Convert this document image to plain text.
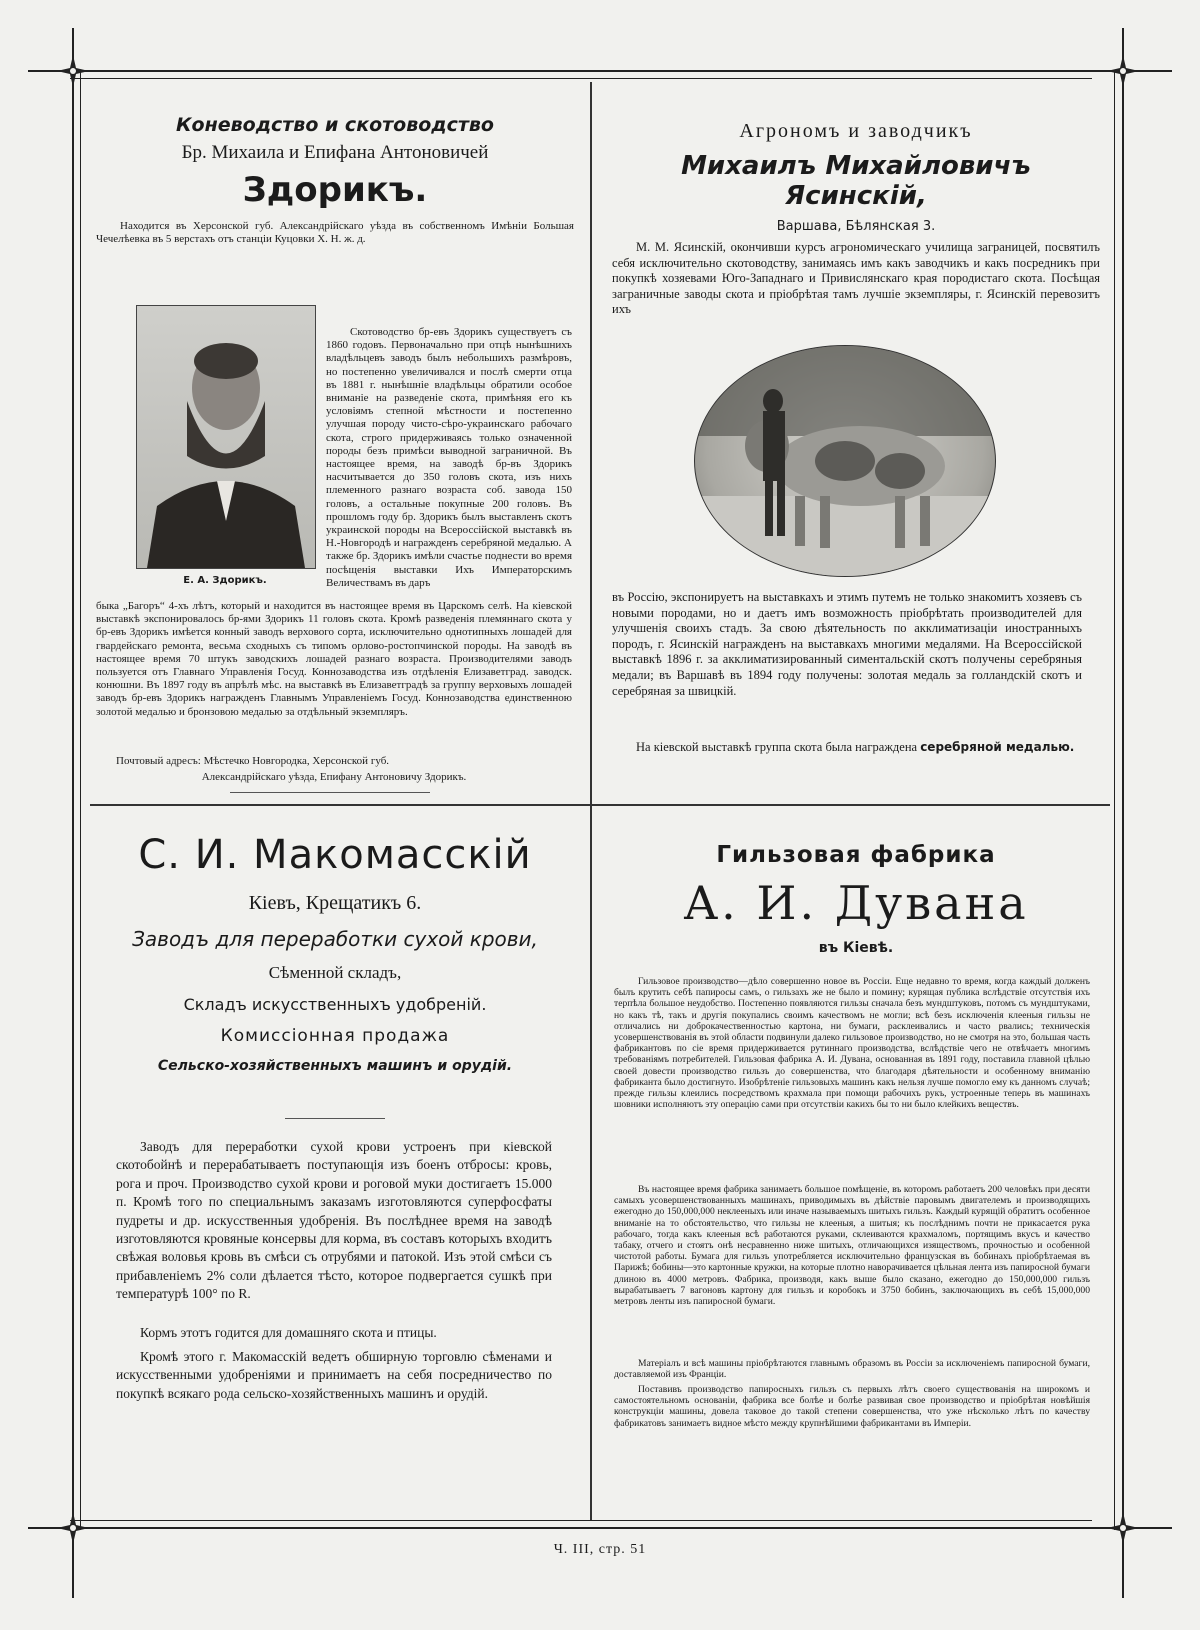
Коневодство и скотоводство
Бр. Михаила и Епифана Антоновичей
Здорикъ.

Находится въ Херсонской губ. Александрійскаго уѣзда въ собственномъ Имѣніи Большая Чечелѣевка въ 5 верстахъ отъ станціи Куцовки Х. Н. ж. д.

Е. А. Здорикъ.

Скотоводство бр-евъ Здорикъ существуетъ съ 1860 годовъ. Первоначально при отцѣ нынѣшнихъ владѣльцевъ заводъ былъ небольшихъ размѣровъ, но постепенно увеличивался и послѣ смерти отца въ 1881 г. нынѣшніе владѣльцы обратили особое вниманіе на разведеніе скота, примѣняя его къ условіямъ степной мѣстности и постепенно улучшая породу чисто-сѣро-украинскаго рабочаго скота, строго придерживаясь только означенной породы безъ примѣси выводной заграничной. Въ настоящее время, на заводѣ бр-въ Здорикъ насчитывается до 350 головъ скота, изъ нихъ племенного разнаго возраста соб. завода 150 головъ, а остальные покупные 200 головъ. Въ прошломъ году бр. Здорикъ былъ выставленъ скотъ украинской породы на Всероссійской выставкѣ въ Н.-Новгородѣ и награжденъ серебряной медалью. А также бр. Здорикъ имѣли счастье поднести во время посѣщенія выставки Ихъ Императорскимъ Величествамъ въ даръ

быка „Багоръ“ 4-хъ лѣтъ, который и находится въ настоящее время въ Царскомъ селѣ. На кіевской выставкѣ экспонировалось бр-ями Здорикъ 11 головъ скота. Кромѣ разведенія племяннаго скота у бр-евъ Здорикъ имѣется конный заводъ верхового сорта, исключительно однотипныхъ лошадей для гвардейскаго ремонта, весьма сходныхъ съ типомъ орлово-ростопчинской породы. На заводѣ въ настоящее время 70 штукъ заводскихъ лошадей разнаго возраста. Производителями заводъ пользуется отъ Главнаго Управленія Госуд. Коннозаводства изъ отдѣленія Елизаветград. заводск. конюшни. Въ 1897 году въ апрѣлѣ мѣс. на выставкѣ въ Елизаветградѣ за группу верховыхъ лошадей заводъ бр-евъ Здорикъ награжденъ Главнымъ Управленіемъ Госуд. Коннозаводства единственною золотой медалью и бронзовою медалью за отдѣльный экземпляръ.

Почтовый адресъ: Мѣстечко Новгородка, Херсонской губ.

Александрійскаго уѣзда, Епифану Антоновичу Здорикъ.

Агрономъ и заводчикъ
Михаилъ Михайловичъ Ясинскій,
Варшава, Бѣлянская 3.

М. М. Ясинскій, окончивши курсъ агрономическаго училища заграницей, посвятилъ себя исключительно скотоводству, занимаясь имъ какъ заводчикъ и какъ посредникъ при покупкѣ хозяевами Юго-Западнаго и Привислянскаго края породистаго скота. Посѣщая заграничные заводы скота и пріобрѣтая тамъ лучшіе экземпляры, г. Ясинскій перевозитъ ихъ

въ Россію, экспонируетъ на выставкахъ и этимъ путемъ не только знакомитъ хозяевъ съ новыми породами, но и даетъ имъ возможность пріобрѣтать производителей для улучшенія своихъ стадъ. За свою дѣятельность по акклиматизаціи иностранныхъ породъ, г. Ясинскій награжденъ на выставкахъ многими медалями. На Всероссійской выставкѣ 1896 г. за акклиматизированный симентальскій скотъ получены серебряныя медали; въ Варшавѣ въ 1894 году получены: золотая медаль за голландскій скотъ и серебряная за швицкій.

На кіевской выставкѣ группа скота была награждена серебряной медалью.

С. И. Макомасскій
Кіевъ, Крещатикъ 6.
Заводъ для переработки сухой крови,
Сѣменной складъ,
Складъ искусственныхъ удобреній.
Комиссіонная продажа
Сельско-хозяйственныхъ машинъ и орудій.

Заводъ для переработки сухой крови устроенъ при кіевской скотобойнѣ и перерабатываетъ поступающія изъ боенъ отбросы: кровь, рога и проч. Производство сухой крови и роговой муки достигаетъ 15.000 п. Кромѣ того по специальнымъ заказамъ изготовляются суперфосфаты пудреты и др. искусственныя удобренія. Въ послѣднее время на заводѣ изготовляются кровяные консервы для корма, въ составъ которыхъ входитъ свѣжая воловья кровь въ смѣси съ отрубями и патокой. Изъ этой смѣси съ прибавленіемъ 2% соли дѣлается тѣсто, которое подвергается сушкѣ при температурѣ 100° по R.

Кормъ этотъ годится для домашняго скота и птицы.

Кромѣ этого г. Макомасскій ведетъ обширную торговлю сѣменами и искусственными удобреніями и принимаетъ на себя посредничество по покупкѣ всякаго рода сельско-хозяйственныхъ машинъ и орудій.

Гильзовая фабрика
А. И. Дувана
въ Кіевѣ.

Гильзовое производство—дѣло совершенно новое въ Россіи. Еще недавно то время, когда каждый долженъ былъ крутить себѣ папиросы самъ, о гильзахъ же не было и помину; курящая публика вслѣдствіе отсутствія ихъ терпѣла большое неудобство. Постепенно появляются гильзы сначала безъ мундштуковъ, потомъ съ мундштуками, но какъ тѣ, такъ и другія покупались своимъ качествомъ не могли; всѣ безъ исключенія клееныя гильзы не отличались ни доброкачественностью картона, ни бумаги, расклеивались и часто рвались; техническія усовершенствованія въ этой области подвинули далеко гильзовое производство, но не смотря на это, большая часть фабрикантовъ по сіе время придерживается рутиннаго производства, вслѣдствіе чего не отвѣчаетъ многимъ требованіямъ потребителей. Гильзовая фабрика А. И. Дувана, основанная въ 1891 году, поставила главной цѣлью своей довести производство гильзъ до совершенства, что благодаря дѣятельности и особенному вниманію фабриканта было достигнуто. Изобрѣтеніе гильзовыхъ машинъ какъ нельзя лучше помогло ему къ данномъ случаѣ; прежде гильзы клеились посредствомъ крахмала при помощи рабочихъ рукъ, устроенные теперь въ машинахъ шовники исполняютъ эту операцію сами при отсутствіи какихъ бы то ни было клейкихъ веществъ.

Въ настоящее время фабрика занимаетъ большое помѣщеніе, въ которомъ работаетъ 200 человѣкъ при десяти самыхъ усовершенствованныхъ машинахъ, приводимыхъ въ дѣйствіе паровымъ двигателемъ и производящихъ ежегодно до 150,000,000 неклееныхъ или иначе называемыхъ шитыхъ гильзъ. Каждый курящій обратитъ особенное вниманіе на то обстоятельство, что гильзы не клееныя, а шитыя; къ послѣднимъ почти не прикасается рука рабочаго, тогда какъ клееныя всѣ работаются руками, склеиваются крахмаломъ, портящимъ вкусъ и качество табаку, отчего и стоятъ онѣ несравненно ниже шитыхъ, отличающихся изяществомъ, прочностью и особенной чистотой работы. Бумага для гильзъ употребляется исключительно французская въ бобинахъ пріобрѣтаемая въ Парижѣ; бобины—это картонные кружки, на которые плотно наворачивается цѣльная лента изъ папиросной бумаги длиною въ 4000 метровъ. Фабрика, производя, какъ выше было сказано, ежегодно до 150,000,000 гильзъ вырабатываетъ 7 вагоновъ картону для гильзъ и коробокъ и 3750 бобинъ, заключающихъ въ себѣ 15,000,000 метровъ ленты изъ папиросной бумаги.

Матеріалъ и всѣ машины пріобрѣтаются главнымъ образомъ въ Россіи за исключеніемъ папиросной бумаги, доставляемой изъ Франціи.

Поставивъ производство папиросныхъ гильзъ съ первыхъ лѣтъ своего существованія на широкомъ и самостоятельномъ основаніи, фабрика все болѣе и болѣе развивая свое производство и пріобрѣтая новѣйшія конструкціи машины, довела таковое до такой степени совершенства, что уже нѣсколько лѣтъ по качеству фабрикатовъ занимаетъ видное мѣсто между крупнѣйшими фабрикантами въ Имперіи.

Ч. III, стр. 51
